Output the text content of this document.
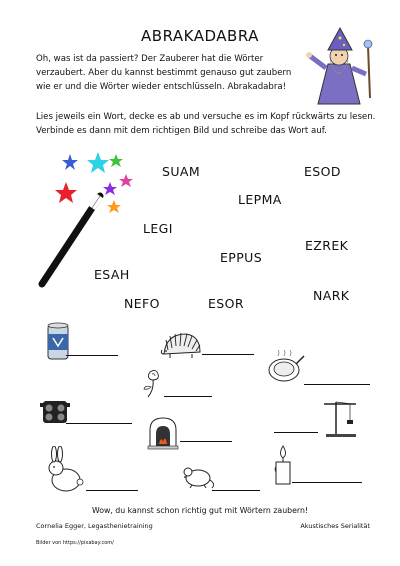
ABRAKADABRA
Oh, was ist da passiert? Der Zauberer hat die Wörter verzaubert. Aber du kannst bestimmt genauso gut zaubern wie er und die Wörter wieder entschlüsseln. Abrakadabra!
Lies jeweils ein Wort, decke es ab und versuche es im Kopf rückwärts zu lesen. Verbinde es dann mit dem richtigen Bild und schreibe das Wort auf.
SUAM	ESOD
LEPMA
LEGI
EZREK
EPPUS
ESAH
NARK
NEFO	ESOR
Wow, du kannst schon richtig gut mit Wörtern zaubern!
Cornelia Egger, Legasthenietraining	Akustisches Serialität
Bilder von https://pixabay.com/
